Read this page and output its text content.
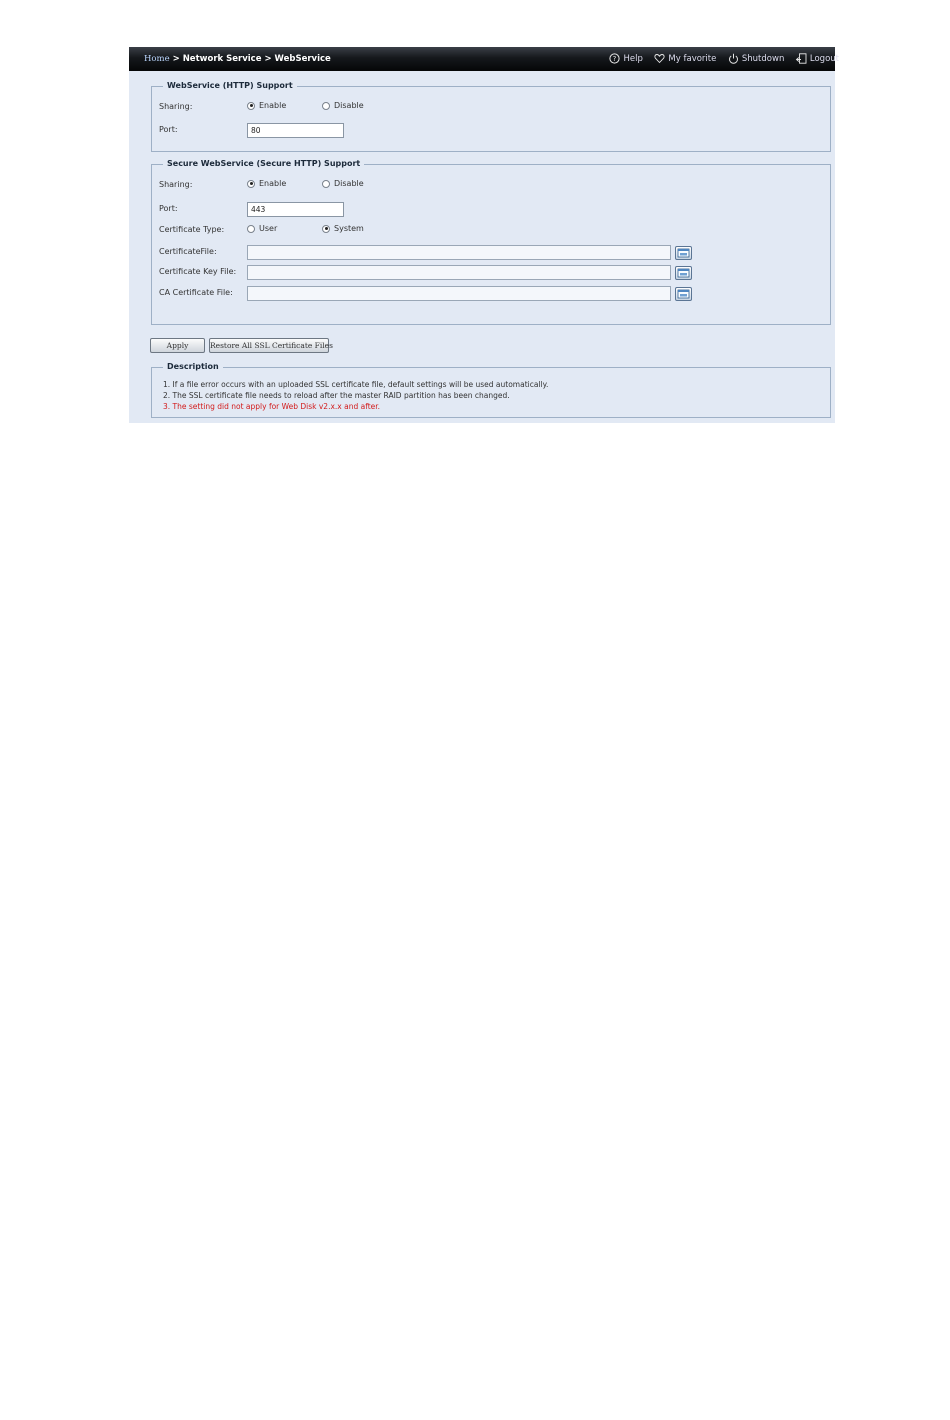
Home > Network Service > WebService	? Help
	My favorite
	Shutdown
	Logout
WebService (HTTP) Support
Sharing:	Enable	Disable
Port:
80
Secure WebService (Secure HTTP) Support
Sharing:	Enable	Disable
Port:
443
Certificate Type:	User	System
CertificateFile:
Certificate Key File:
CA Certificate File:
Apply	Restore All SSL Certificate Files
Description
1. If a file error occurs with an uploaded SSL certificate file, default settings will be used automatically.
2. The SSL certificate file needs to reload after the master RAID partition has been changed.
3. The setting did not apply for Web Disk v2.x.x and after.
